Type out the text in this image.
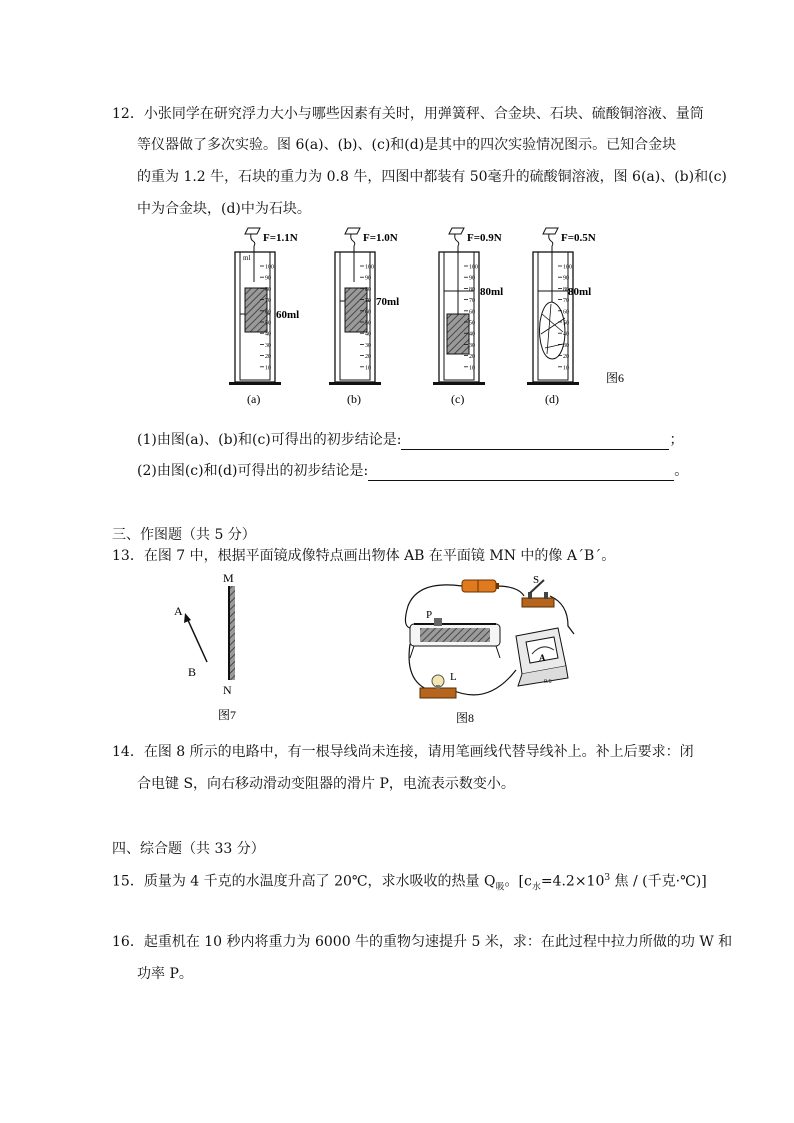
12．小张同学在研究浮力大小与哪些因素有关时，用弹簧秤、合金块、石块、硫酸铜溶液、量筒
等仪器做了多次实验。图 6(a)、(b)、(c)和(d)是其中的四次实验情况图示。已知合金块
的重为 1.2 牛，石块的重力为 0.8 牛，四图中都装有 50毫升的硫酸铜溶液，图 6(a)、(b)和(c)
中为合金块，(d)中为石块。
F=1.1N
ml
60ml
(a)
F=1.0N
70ml
(b)
F=0.9N
80ml
(c)
F=0.5N
80ml
(d)
100
90
80
70
60
50
40
30
20
10
100
90
80
70
60
50
40
30
20
10
100
90
80
70
60
50
40
30
20
10
100
90
80
70
60
50
40
30
20
10
图6
(1)由图(a)、(b)和(c)可得出的初步结论是:	；
(2)由图(c)和(d)可得出的初步结论是:	。
三、作图题（共 5 分）
13．在图 7 中，根据平面镜成像特点画出物体 AB 在平面镜 MN 中的像 A´B´。
M
N
A
B
图7
S
P
L
A
0.6
图8
14．在图 8 所示的电路中，有一根导线尚未连接，请用笔画线代替导线补上。补上后要求：闭
合电键 S，向右移动滑动变阻器的滑片 P，电流表示数变小。
四、综合题（共 33 分）
15．质量为 4 千克的水温度升高了 20℃，求水吸收的热量 $Q_吸$。[$c_水=4.2\times 10^3$ 焦 / (千克·℃)]
16．起重机在 10 秒内将重力为 6000 牛的重物匀速提升 5 米，求：在此过程中拉力所做的功 W 和
功率 P。
